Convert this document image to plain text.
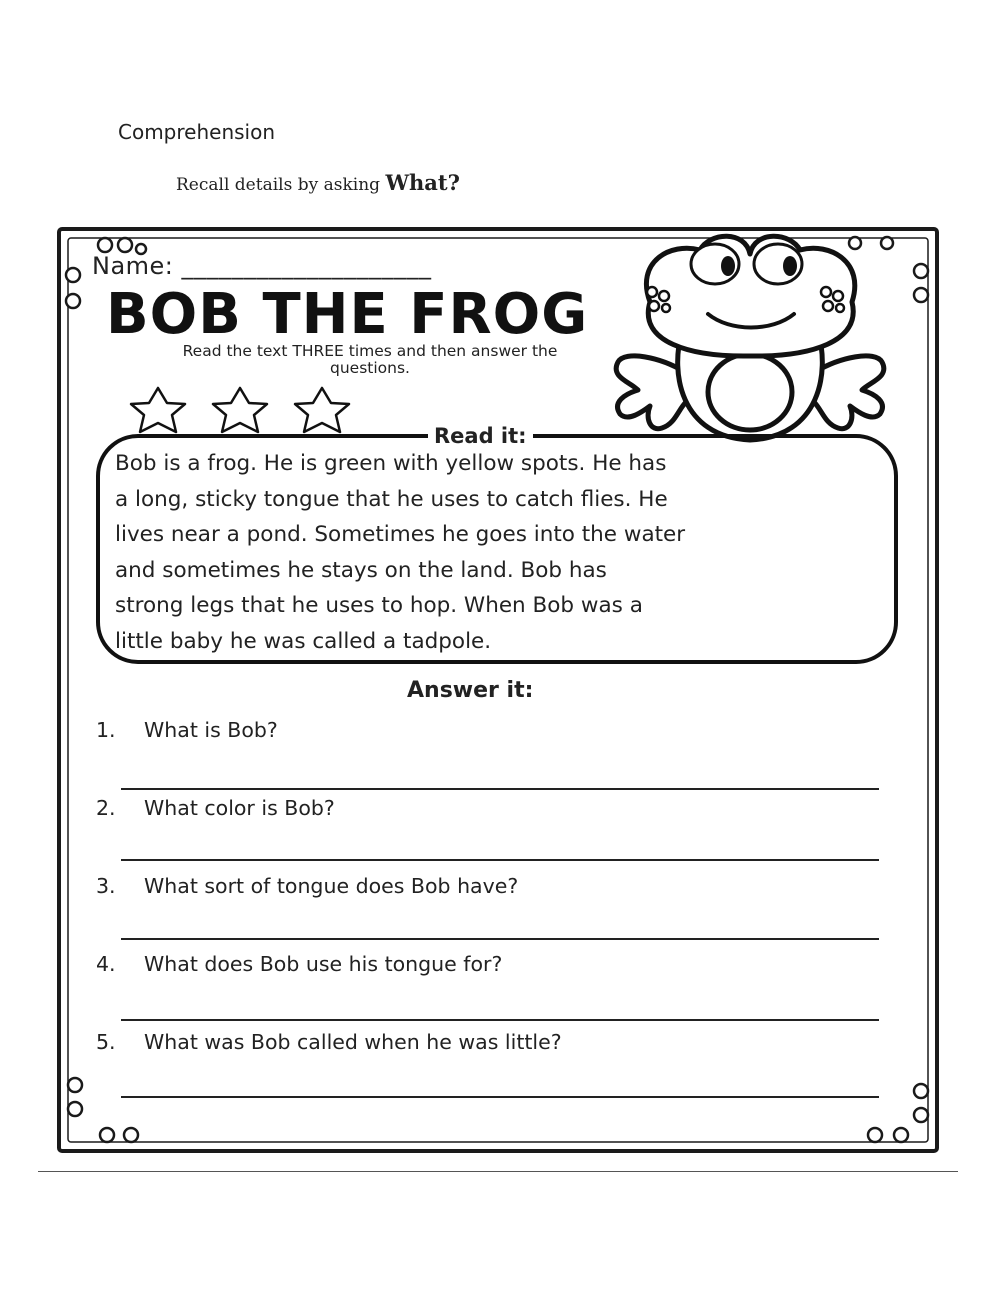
Comprehension
Recall details by asking What?
Name: ____________________
BOB THE FROG
Read the text THREE times and then answer the questions.
Read it:
Bob is a frog. He is green with yellow spots. He has
a long, sticky tongue that he uses to catch flies. He
lives near a pond. Sometimes he goes into the water
and sometimes he stays on the land. Bob has
strong legs that he uses to hop. When Bob was a
little baby he was called a tadpole.
Answer it:
1. What is Bob?
2. What color is Bob?
3. What sort of tongue does Bob have?
4. What does Bob use his tongue for?
5. What was Bob called when he was little?
